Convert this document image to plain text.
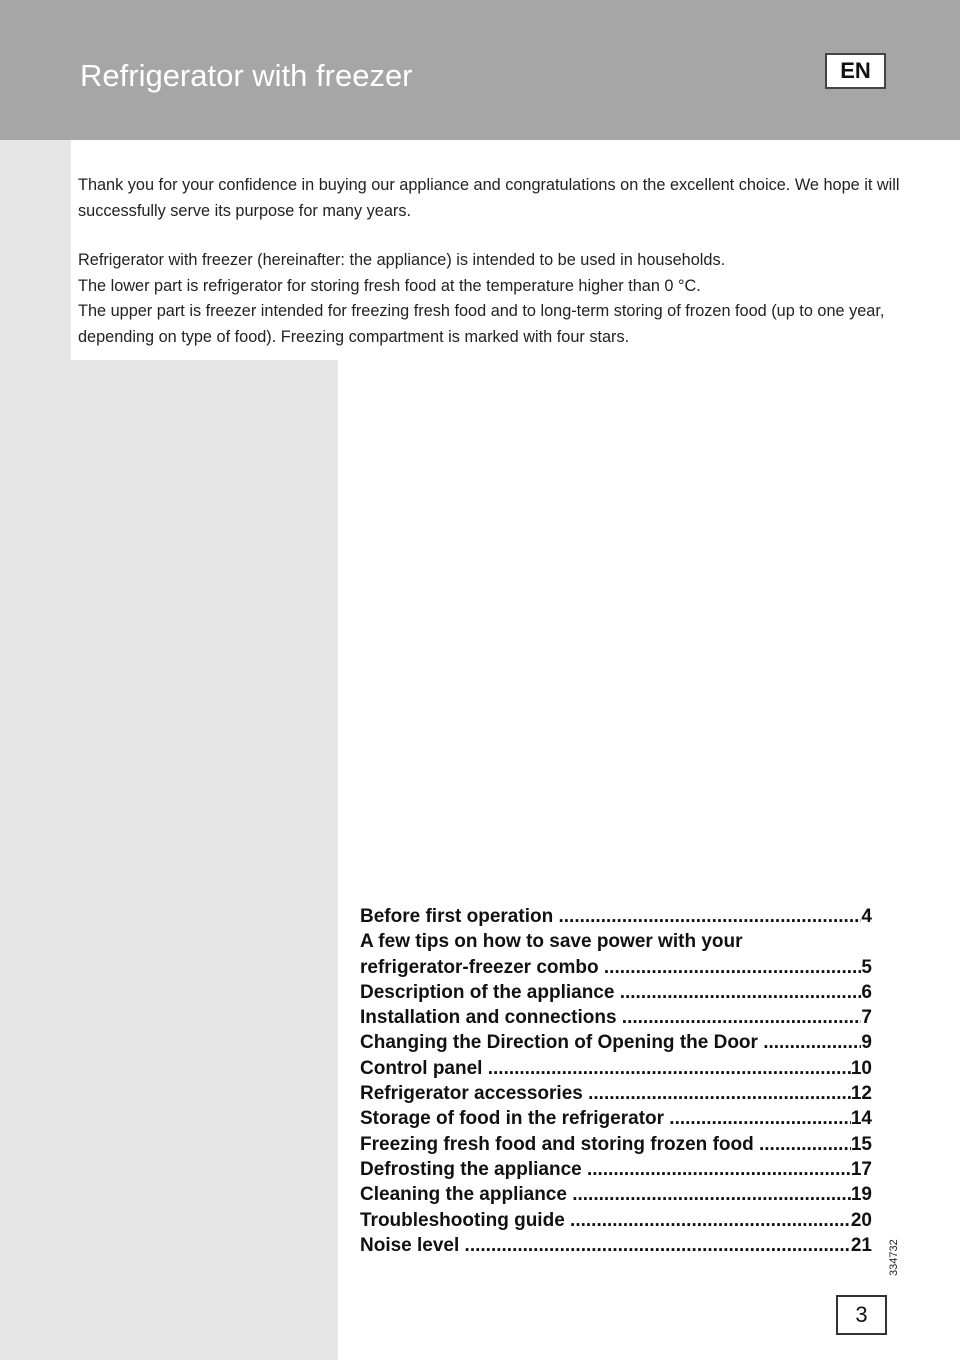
Refrigerator with freezer	EN

Thank you for your confidence in buying our appliance and congratulations on the excellent choice. We hope it will successfully serve its purpose for many years.

Refrigerator with freezer (hereinafter: the appliance) is intended to be used in households.

The lower part is refrigerator for storing fresh food at the temperature higher than 0 °C.

The upper part is freezer intended for freezing fresh food and to long-term storing of frozen food (up to one year, depending on type of food). Freezing compartment is marked with four stars.

Before first operation .....	4
A few tips on how to save power with your
refrigerator-freezer combo .....	5
Description of the appliance .....	6
Installation and connections .....	7
Changing the Direction of Opening the Door .....	9
Control panel .....	10
Refrigerator accessories .....	12
Storage of food in the refrigerator .....	14
Freezing fresh food and storing frozen food .....	15
Defrosting the appliance .....	17
Cleaning the appliance .....	19
Troubleshooting guide .....	20
Noise level .....	21 334732
3
